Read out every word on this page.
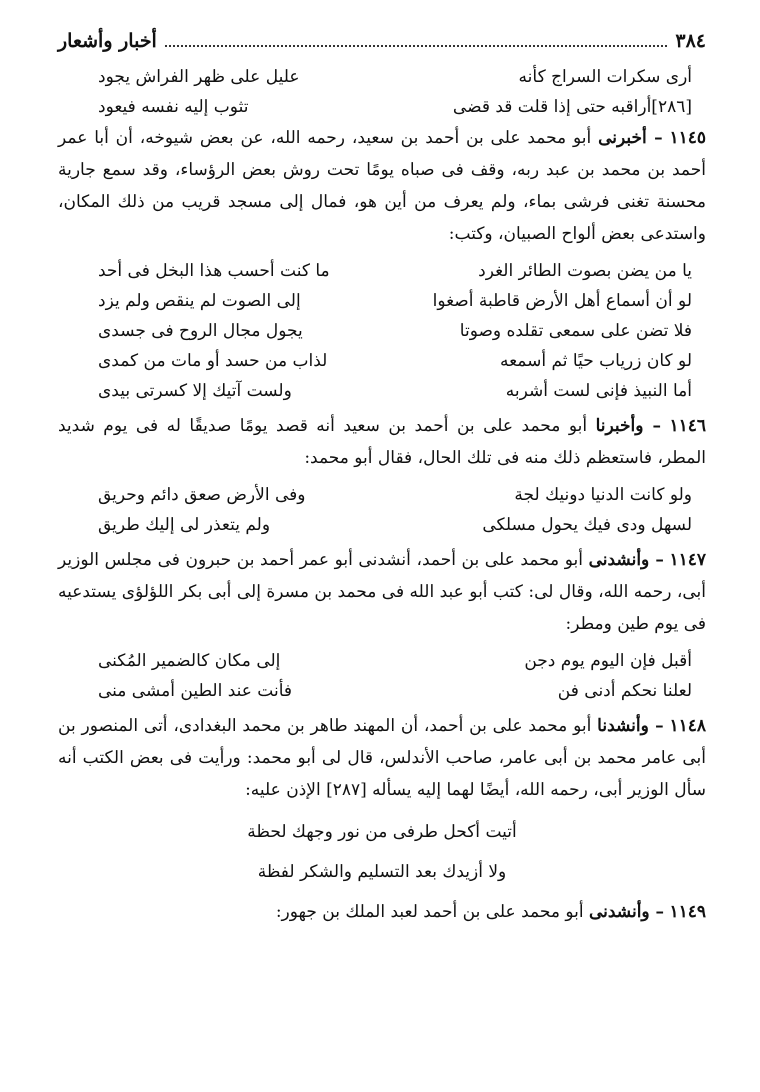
٣٨٤
أخبار وأشعار
أرى سكرات السراج كأنه
عليل على ظهر الفراش يجود
[٢٨٦]أراقبه حتى إذا قلت قد قضى
تثوب إليه نفسه فيعود

١١٤٥ – أخبرنى أبو محمد على بن أحمد بن سعيد، رحمه الله، عن بعض شيوخه، أن أبا عمر أحمد بن محمد بن عبد ربه، وقف فى صباه يومًا تحت روش بعض الرؤساء، وقد سمع جارية محسنة تغنى فرشى بماء، ولم يعرف من أين هو، فمال إلى مسجد قريب من ذلك المكان، واستدعى بعض ألواح الصبيان، وكتب:

يا من يضن بصوت الطائر الغرد
ما كنت أحسب هذا البخل فى أحد
لو أن أسماع أهل الأرض قاطبة أصغوا
إلى الصوت لم ينقص ولم يزد
فلا تضن على سمعى تقلده وصوتا
يجول مجال الروح فى جسدى
لو كان زرياب حيًا ثم أسمعه
لذاب من حسد أو مات من كمدى
أما النبيذ فإنى لست أشربه
ولست آتيك إلا كسرتى بيدى

١١٤٦ – وأخبرنا أبو محمد على بن أحمد بن سعيد أنه قصد يومًا صديقًا له فى يوم شديد المطر، فاستعظم ذلك منه فى تلك الحال، فقال أبو محمد:

ولو كانت الدنيا دونيك لجة
وفى الأرض صعق دائم وحريق
لسهل ودى فيك يحول مسلكى
ولم يتعذر لى إليك طريق

١١٤٧ – وأنشدنى أبو محمد على بن أحمد، أنشدنى أبو عمر أحمد بن حبرون فى مجلس الوزير أبى، رحمه الله، وقال لى: كتب أبو عبد الله فى محمد بن مسرة إلى أبى بكر اللؤلؤى يستدعيه فى يوم طين ومطر:

أقبل فإن اليوم يوم دجن
إلى مكان كالضمير المُكنى
لعلنا نحكم أدنى فن
فأنت عند الطين أمشى منى

١١٤٨ – وأنشدنا أبو محمد على بن أحمد، أن المهند طاهر بن محمد البغدادى، أتى المنصور بن أبى عامر محمد بن أبى عامر، صاحب الأندلس، قال لى أبو محمد: ورأيت فى بعض الكتب أنه سأل الوزير أبى، رحمه الله، أيضًا لهما إليه يسأله [٢٨٧] الإذن عليه:

أتيت أكحل طرفى من نور وجهك لحظة
ولا أزيدك بعد التسليم والشكر لفظة

١١٤٩ – وأنشدنى أبو محمد على بن أحمد لعبد الملك بن جهور:
